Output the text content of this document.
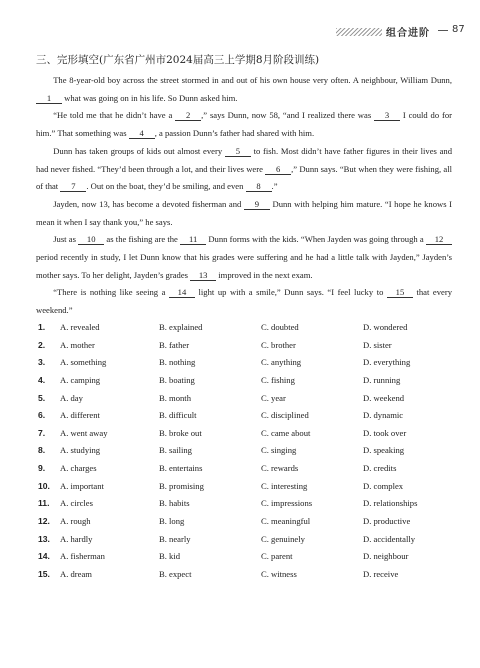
组合进阶 87
三、完形填空(广东省广州市2024届高三上学期8月阶段训练)

The 8-year-old boy across the street stormed in and out of his own house very often. A neighbour, William Dunn, 1 what was going on in his life. So Dunn asked him.

“He told me that he didn’t have a 2 ,” says Dunn, now 58, “and I realized there was 3 I could do for him.” That something was 4 , a passion Dunn’s father had shared with him.

Dunn has taken groups of kids out almost every 5 to fish. Most didn’t have father figures in their lives and had never fished. “They’d been through a lot, and their lives were 6 ,” Dunn says. “But when they were fishing, all of that 7 . Out on the boat, they’d be smiling, and even 8 .”

Jayden, now 13, has become a devoted fisherman and 9 Dunn with helping him mature. “I hope he knows I mean it when I say thank you,” he says.

Just as 10 as the fishing are the 11 Dunn forms with the kids. “When Jayden was going through a 12 period recently in study, I let Dunn know that his grades were suffering and he had a little talk with Jayden,” Jayden’s mother says. To her delight, Jayden’s grades 13 improved in the next exam.

“There is nothing like seeing a 14 light up with a smile,” Dunn says. “I feel lucky to 15 that every weekend.”

1. A. revealed	B. explained	C. doubted	D. wondered
2. A. mother	B. father	C. brother	D. sister
3. A. something	B. nothing	C. anything	D. everything
4. A. camping	B. boating	C. fishing	D. running
5. A. day	B. month	C. year	D. weekend
6. A. different	B. difficult	C. disciplined	D. dynamic
7. A. went away	B. broke out	C. came about	D. took over
8. A. studying	B. sailing	C. singing	D. speaking
9. A. charges	B. entertains	C. rewards	D. credits
10. A. important	B. promising	C. interesting	D. complex
11. A. circles	B. habits	C. impressions	D. relationships
12. A. rough	B. long	C. meaningful	D. productive
13. A. hardly	B. nearly	C. genuinely	D. accidentally
14. A. fisherman	B. kid	C. parent	D. neighbour
15. A. dream	B. expect	C. witness	D. receive
